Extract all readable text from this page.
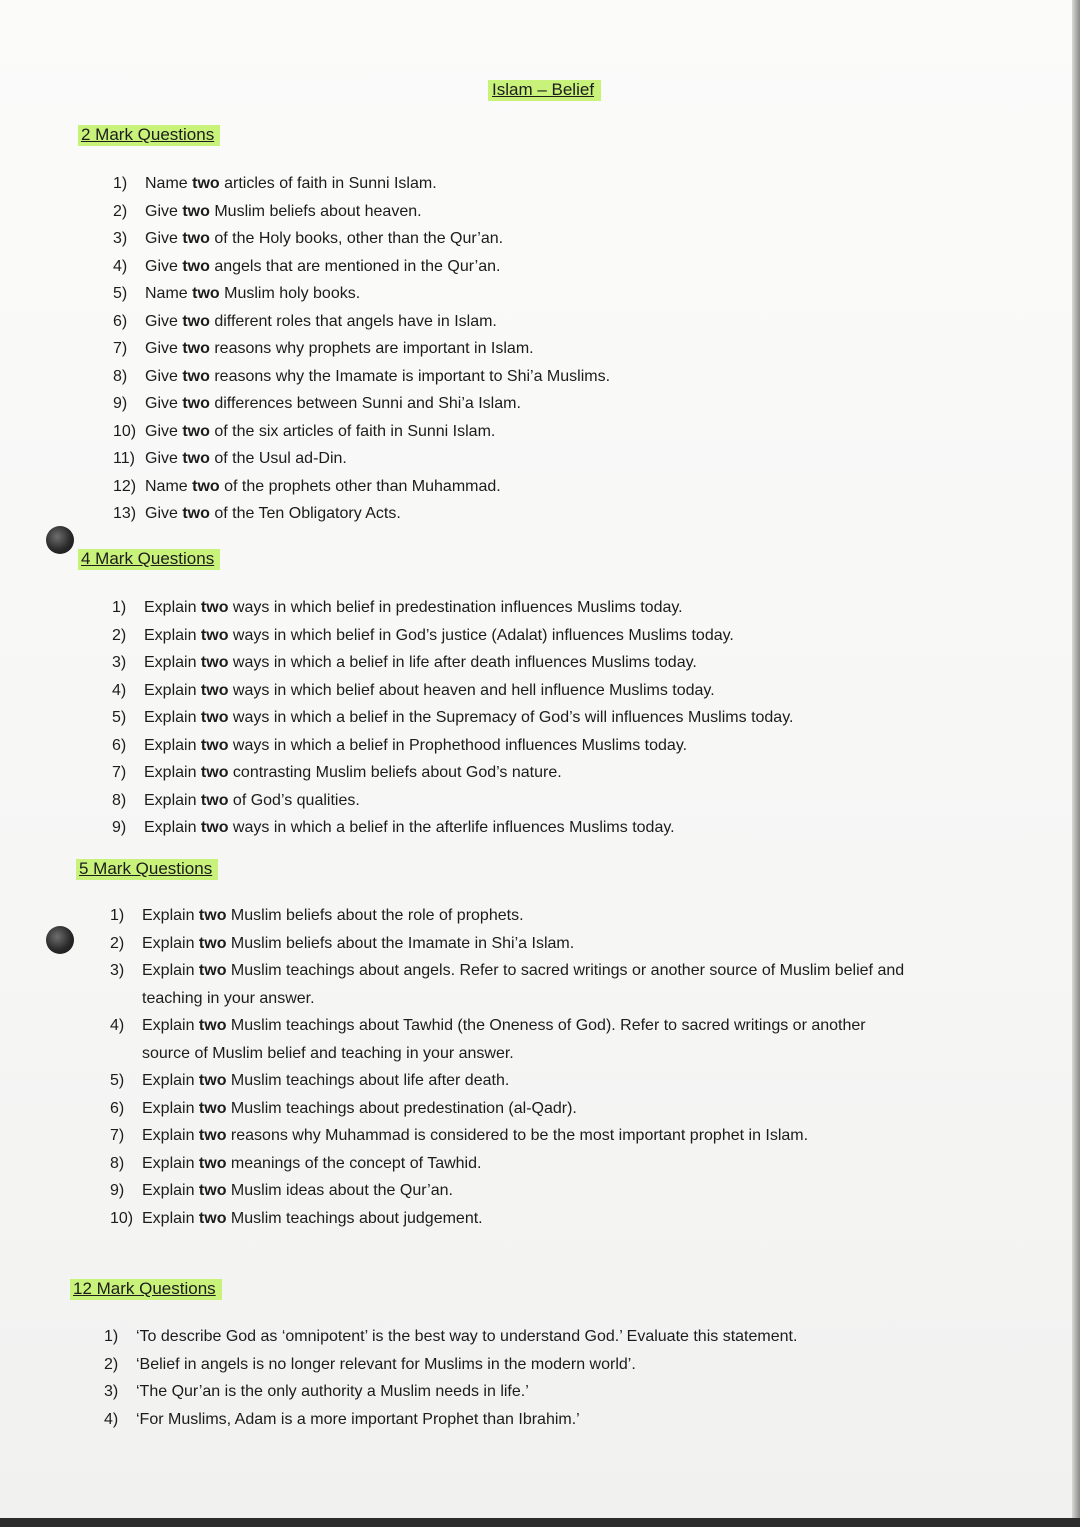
Islam – Belief
2 Mark Questions
1) Name two articles of faith in Sunni Islam.
2) Give two Muslim beliefs about heaven.
3) Give two of the Holy books, other than the Qur’an.
4) Give two angels that are mentioned in the Qur’an.
5) Name two Muslim holy books.
6) Give two different roles that angels have in Islam.
7) Give two reasons why prophets are important in Islam.
8) Give two reasons why the Imamate is important to Shi’a Muslims.
9) Give two differences between Sunni and Shi’a Islam.
10) Give two of the six articles of faith in Sunni Islam.
11) Give two of the Usul ad-Din.
12) Name two of the prophets other than Muhammad.
13) Give two of the Ten Obligatory Acts.
4 Mark Questions
1) Explain two ways in which belief in predestination influences Muslims today.
2) Explain two ways in which belief in God’s justice (Adalat) influences Muslims today.
3) Explain two ways in which a belief in life after death influences Muslims today.
4) Explain two ways in which belief about heaven and hell influence Muslims today.
5) Explain two ways in which a belief in the Supremacy of God’s will influences Muslims today.
6) Explain two ways in which a belief in Prophethood influences Muslims today.
7) Explain two contrasting Muslim beliefs about God’s nature.
8) Explain two of God’s qualities.
9) Explain two ways in which a belief in the afterlife influences Muslims today.
5 Mark Questions
1) Explain two Muslim beliefs about the role of prophets.
2) Explain two Muslim beliefs about the Imamate in Shi’a Islam.
3) Explain two Muslim teachings about angels. Refer to sacred writings or another source of Muslim belief and
teaching in your answer.
4) Explain two Muslim teachings about Tawhid (the Oneness of God). Refer to sacred writings or another
source of Muslim belief and teaching in your answer.
5) Explain two Muslim teachings about life after death.
6) Explain two Muslim teachings about predestination (al-Qadr).
7) Explain two reasons why Muhammad is considered to be the most important prophet in Islam.
8) Explain two meanings of the concept of Tawhid.
9) Explain two Muslim ideas about the Qur’an.
10) Explain two Muslim teachings about judgement.
12 Mark Questions
1) ‘To describe God as ‘omnipotent’ is the best way to understand God.’ Evaluate this statement.
2) ‘Belief in angels is no longer relevant for Muslims in the modern world’.
3) ‘The Qur’an is the only authority a Muslim needs in life.’
4) ‘For Muslims, Adam is a more important Prophet than Ibrahim.’
